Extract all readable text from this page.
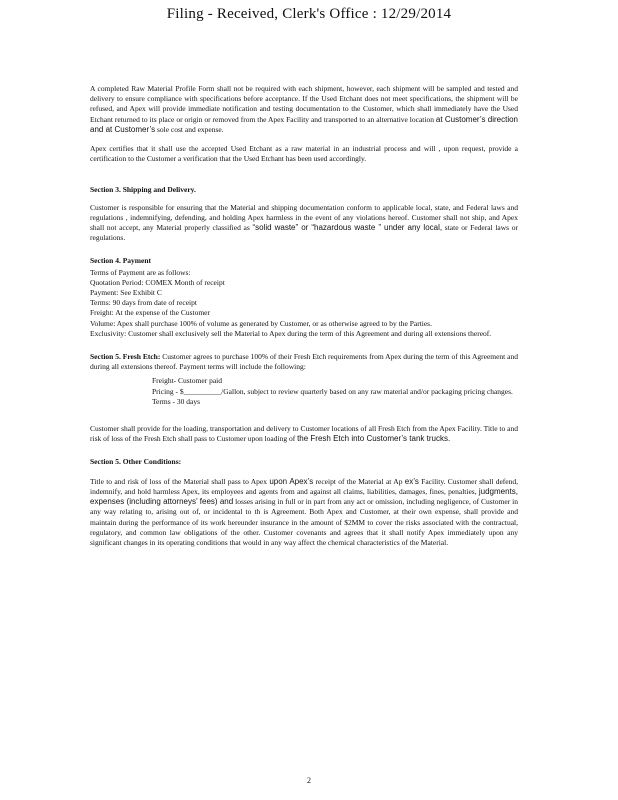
Filing - Received, Clerk's Office : 12/29/2014

A completed Raw Material Profile Form shall not be required with each shipment, however, each shipment will be sampled and tested and delivery to ensure compliance with specifications before acceptance. If the Used Etchant does not meet specifications, the shipment will be refused, and Apex will provide immediate notification and testing documentation to the Customer, which shall immediately have the Used Etchant returned to its place or origin or removed from the Apex Facility and transported to an alternative location at Customer’s direction and at Customer’s sole cost and expense.

Apex certifies that it shall use the accepted Used Etchant as a raw material in an industrial process and will , upon request, provide a certification to the Customer a verification that the Used Etchant has been used accordingly.

Section 3. Shipping and Delivery.

Customer is responsible for ensuring that the Material and shipping documentation conform to applicable local, state, and Federal laws and regulations , indemnifying, defending, and holding Apex harmless in the event of any violations hereof. Customer shall not ship, and Apex shall not accept, any Material properly classified as “solid waste” or “hazardous waste ” under any local, state or Federal laws or regulations.

Section 4. Payment

Terms of Payment are as follows:

Quotation Period: COMEX Month of receipt

Payment: See Exhibit C

Terms: 90 days from date of receipt

Freight: At the expense of the Customer

Volume: Apex shall purchase 100% of volume as generated by Customer, or as otherwise agreed to by the Parties.

Exclusivity: Customer shall exclusively sell the Material to Apex during the term of this Agreement and during all extensions thereof.

Section 5. Fresh Etch: Customer agrees to purchase 100% of their Fresh Etch requirements from Apex during the term of this Agreement and during all extensions thereof. Payment terms will include the following:

Freight- Customer paid

Pricing - $__________/Gallon, subject to review quarterly based on any raw material and/or packaging pricing changes.

Terms - 30 days

Customer shall provide for the loading, transportation and delivery to Customer locations of all Fresh Etch from the Apex Facility. Title to and risk of loss of the Fresh Etch shall pass to Customer upon loading of the Fresh Etch into Customer’s tank trucks.

Section 5. Other Conditions:

Title to and risk of loss of the Material shall pass to Apex upon Apex’s receipt of the Material at Ap ex’s Facility. Customer shall defend, indemnify, and hold harmless Apex, its employees and agents from and against all claims, liabilities, damages, fines, penalties, judgments, expenses (including attorneys’ fees) and losses arising in full or in part from any act or omission, including negligence, of Customer in any way relating to, arising out of, or incidental to th is Agreement. Both Apex and Customer, at their own expense, shall provide and maintain during the performance of its work hereunder insurance in the amount of $2MM to cover the risks associated with the contractual, regulatory, and common law obligations of the other. Customer covenants and agrees that it shall notify Apex immediately upon any significant changes in its operating conditions that would in any way affect the chemical characteristics of the Material.

2
